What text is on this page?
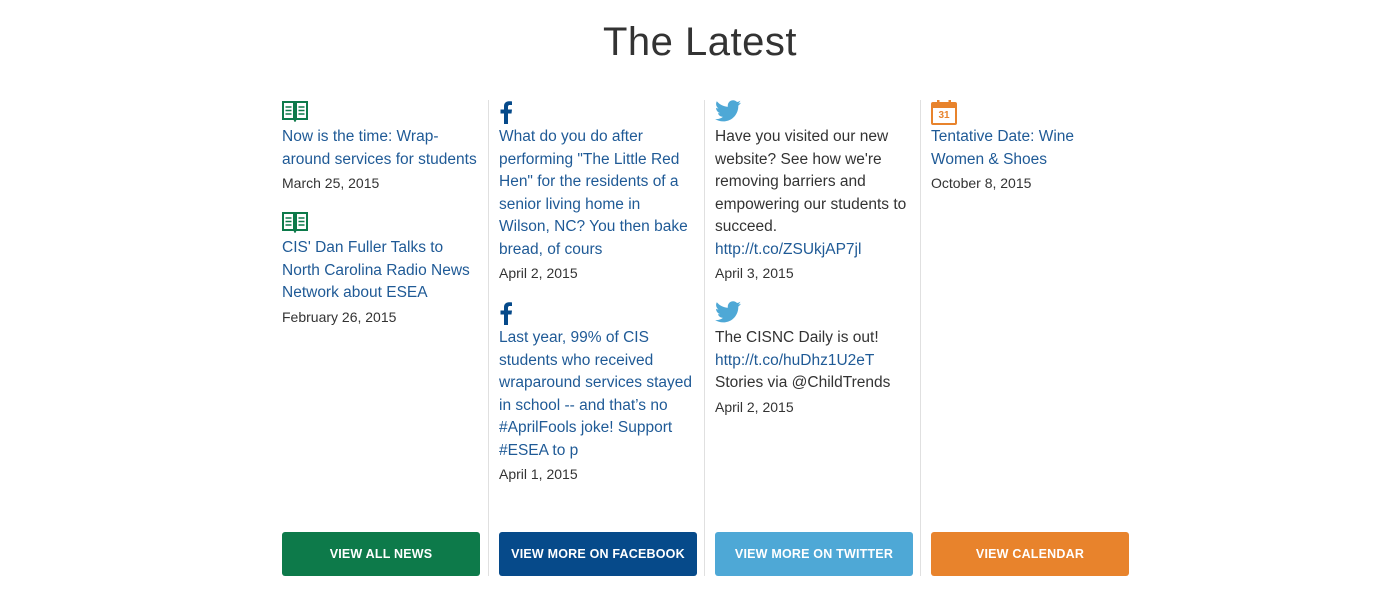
The Latest

Now is the time: Wrap-around services for students

March 25, 2015

CIS' Dan Fuller Talks to North Carolina Radio News Network about ESEA

February 26, 2015
VIEW ALL NEWS

What do you do after performing "The Little Red Hen" for the residents of a senior living home in Wilson, NC? You then bake bread, of cours

April 2, 2015

Last year, 99% of CIS students who received wraparound services stayed in school -- and that’s no #AprilFools joke! Support #ESEA to p

April 1, 2015
VIEW MORE ON FACEBOOK

Have you visited our new website? See how we're removing barriers and empowering our students to succeed. http://t.co/ZSUkjAP7jl

April 3, 2015

The CISNC Daily is out! http://t.co/huDhz1U2eT Stories via @ChildTrends

April 2, 2015
VIEW MORE ON TWITTER
31

Tentative Date: Wine Women & Shoes

October 8, 2015
VIEW CALENDAR
